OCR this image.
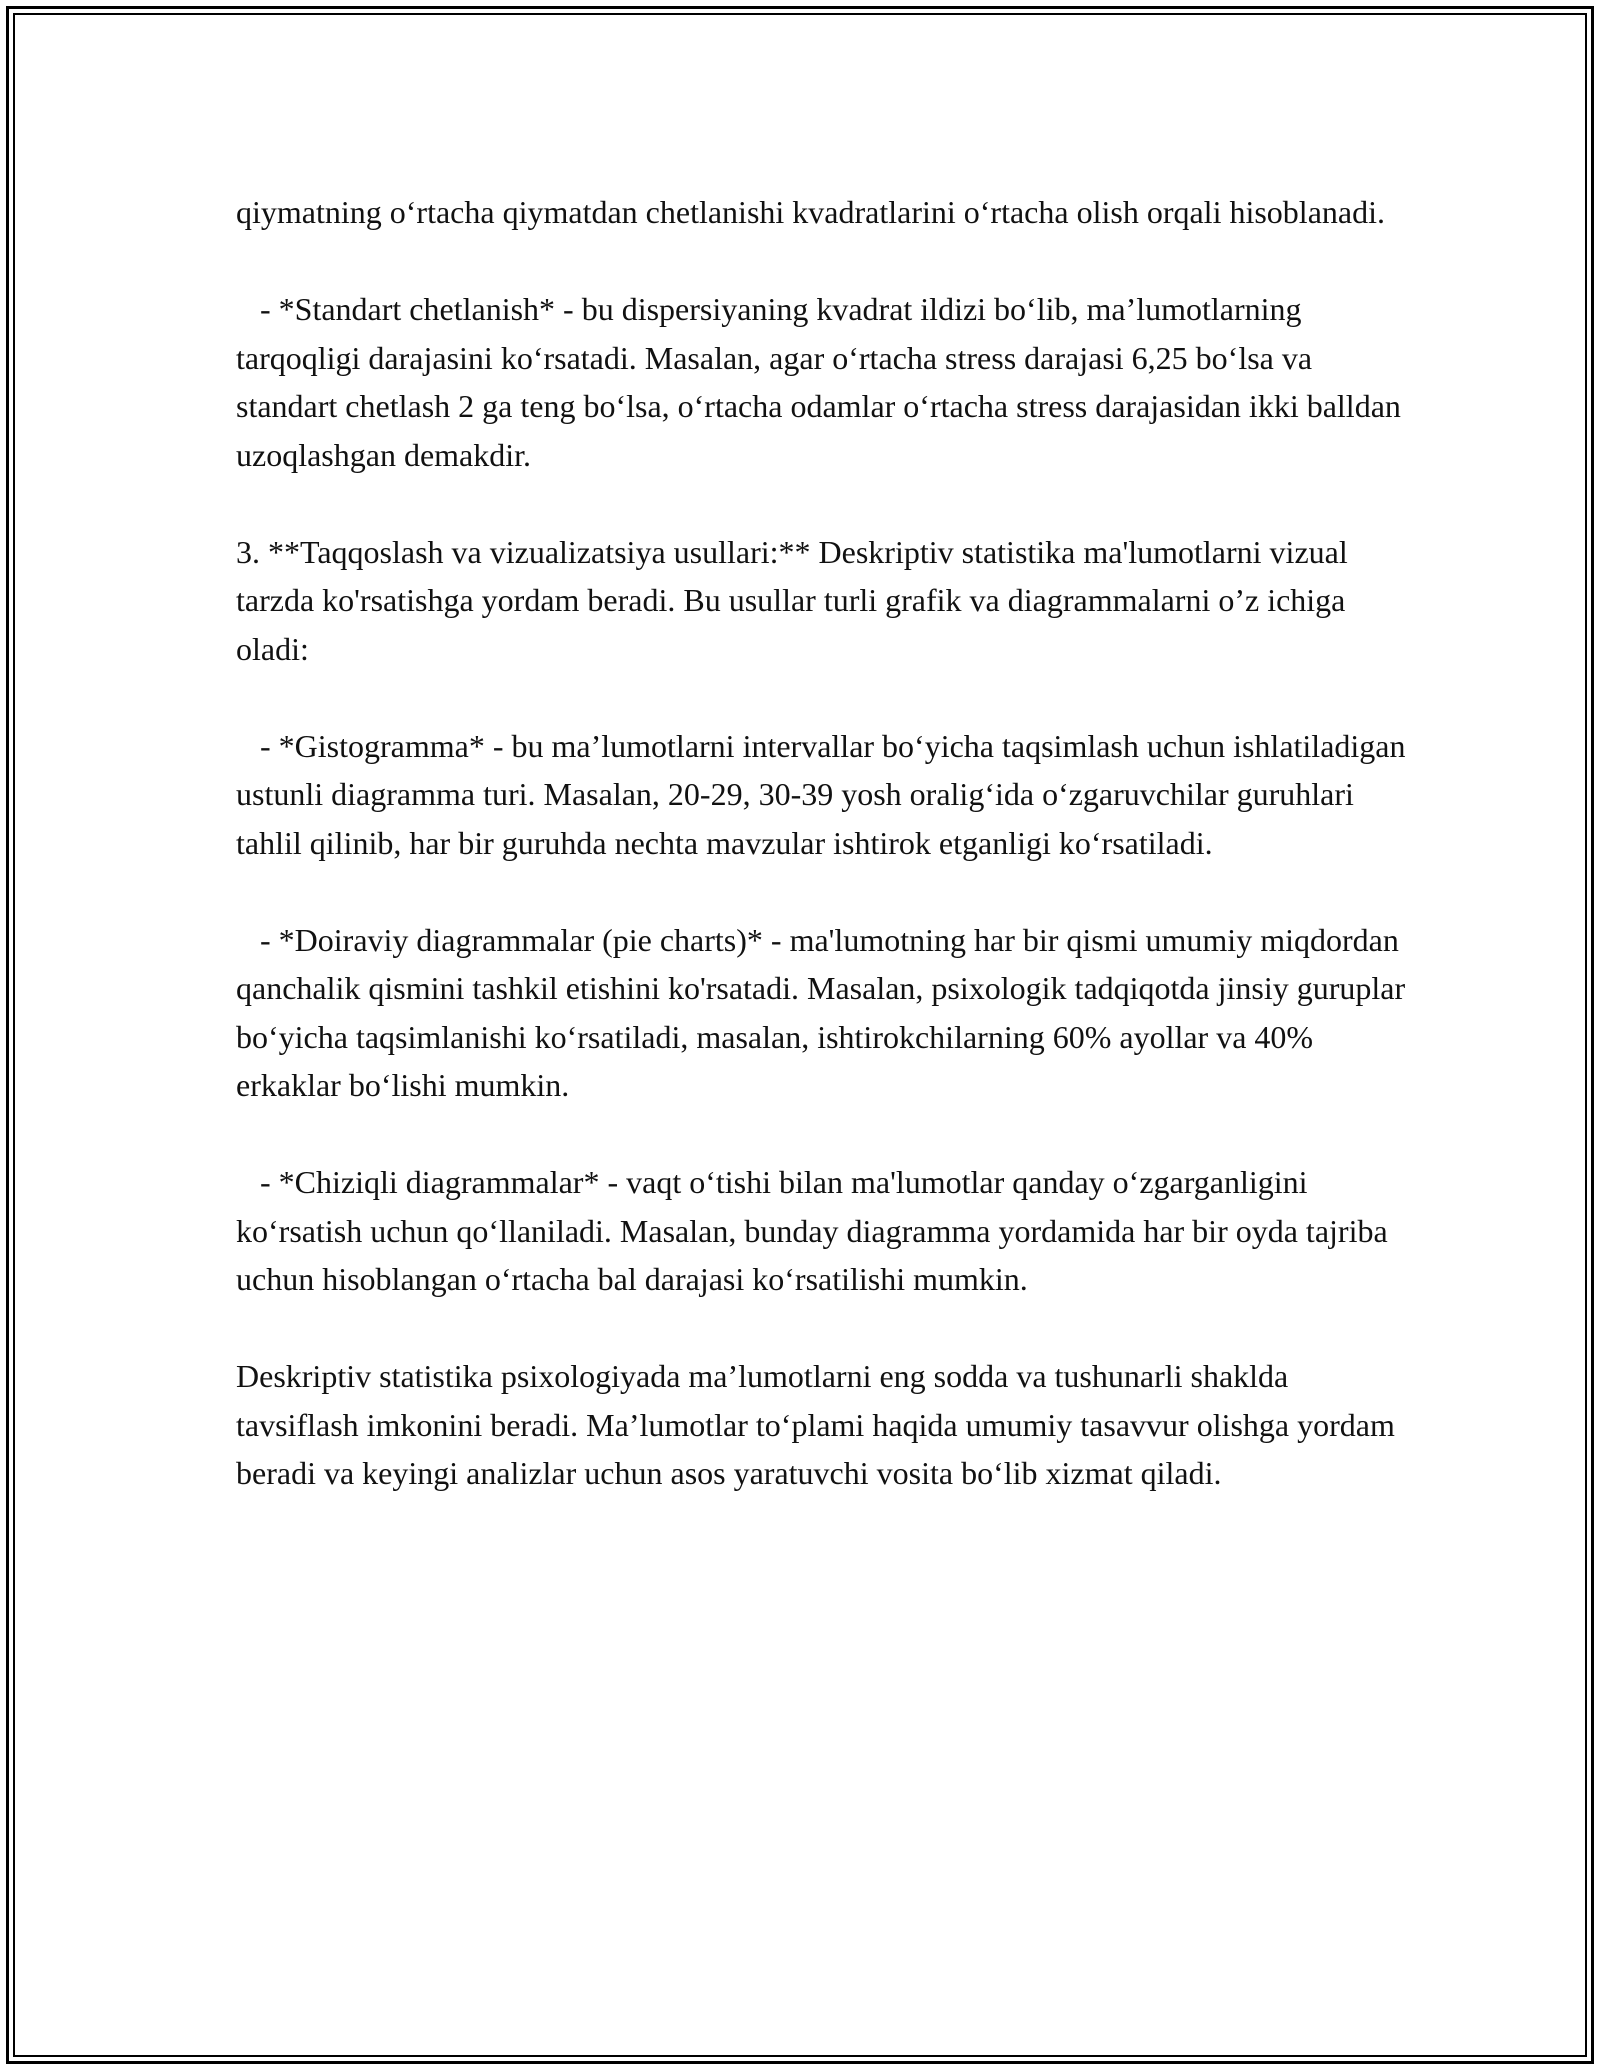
qiymatning o‘rtacha qiymatdan chetlanishi kvadratlarini o‘rtacha olish orqali hisoblanadi.

- *Standart chetlanish* - bu dispersiyaning kvadrat ildizi bo‘lib, ma’lumotlarning tarqoqligi darajasini ko‘rsatadi. Masalan, agar o‘rtacha stress darajasi 6,25 bo‘lsa va standart chetlash 2 ga teng bo‘lsa, o‘rtacha odamlar o‘rtacha stress darajasidan ikki balldan uzoqlashgan demakdir.

3. **Taqqoslash va vizualizatsiya usullari:** Deskriptiv statistika ma'lumotlarni vizual tarzda ko'rsatishga yordam beradi. Bu usullar turli grafik va diagrammalarni o’z ichiga oladi:

- *Gistogramma* - bu ma’lumotlarni intervallar bo‘yicha taqsimlash uchun ishlatiladigan ustunli diagramma turi. Masalan, 20-29, 30-39 yosh oralig‘ida o‘zgaruvchilar guruhlari tahlil qilinib, har bir guruhda nechta mavzular ishtirok etganligi ko‘rsatiladi.

- *Doiraviy diagrammalar (pie charts)* - ma'lumotning har bir qismi umumiy miqdordan qanchalik qismini tashkil etishini ko'rsatadi. Masalan, psixologik tadqiqotda jinsiy guruplar bo‘yicha taqsimlanishi ko‘rsatiladi, masalan, ishtirokchilarning 60% ayollar va 40% erkaklar bo‘lishi mumkin.

- *Chiziqli diagrammalar* - vaqt o‘tishi bilan ma'lumotlar qanday o‘zgarganligini ko‘rsatish uchun qo‘llaniladi. Masalan, bunday diagramma yordamida har bir oyda tajriba uchun hisoblangan o‘rtacha bal darajasi ko‘rsatilishi mumkin.

Deskriptiv statistika psixologiyada ma’lumotlarni eng sodda va tushunarli shaklda tavsiflash imkonini beradi. Ma’lumotlar to‘plami haqida umumiy tasavvur olishga yordam beradi va keyingi analizlar uchun asos yaratuvchi vosita bo‘lib xizmat qiladi.
